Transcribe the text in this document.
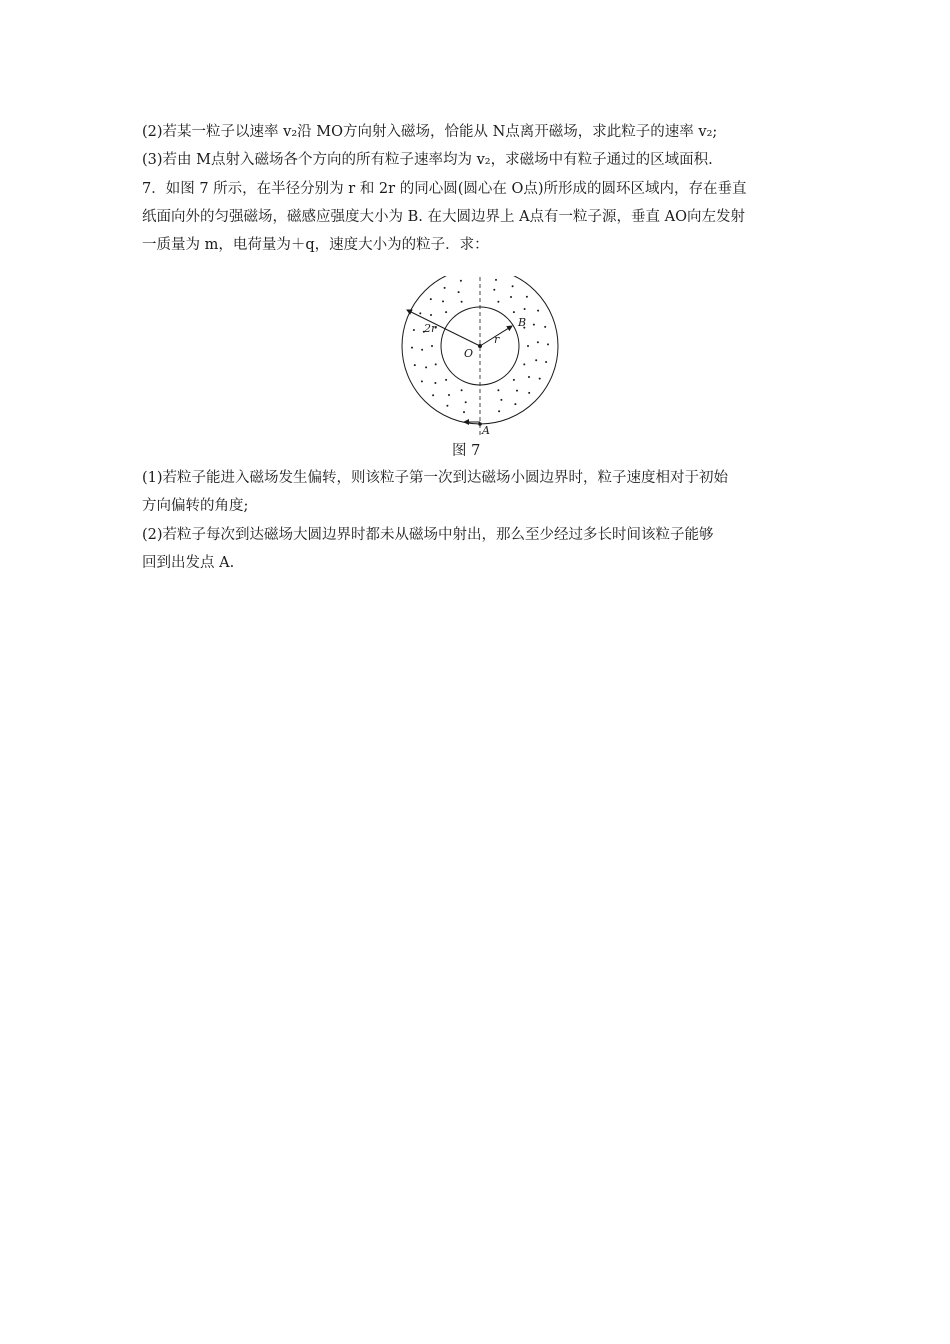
(2)若某一粒子以速率 v₂沿 MO方向射入磁场，恰能从 N点离开磁场，求此粒子的速率 v₂;
(3)若由 M点射入磁场各个方向的所有粒子速率均为 v₂，求磁场中有粒子通过的区域面积.
7．如图 7 所示，在半径分别为 r 和 2r 的同心圆(圆心在 O点)所形成的圆环区域内，存在垂直
纸面向外的匀强磁场，磁感应强度大小为 B. 在大圆边界上 A点有一粒子源，垂直 AO向左发射
一质量为 m，电荷量为＋q，速度大小为的粒子．求：
2r
r
O
A
B
图 7
(1)若粒子能进入磁场发生偏转，则该粒子第一次到达磁场小圆边界时，粒子速度相对于初始
方向偏转的角度;
(2)若粒子每次到达磁场大圆边界时都未从磁场中射出，那么至少经过多长时间该粒子能够
回到出发点 A.
